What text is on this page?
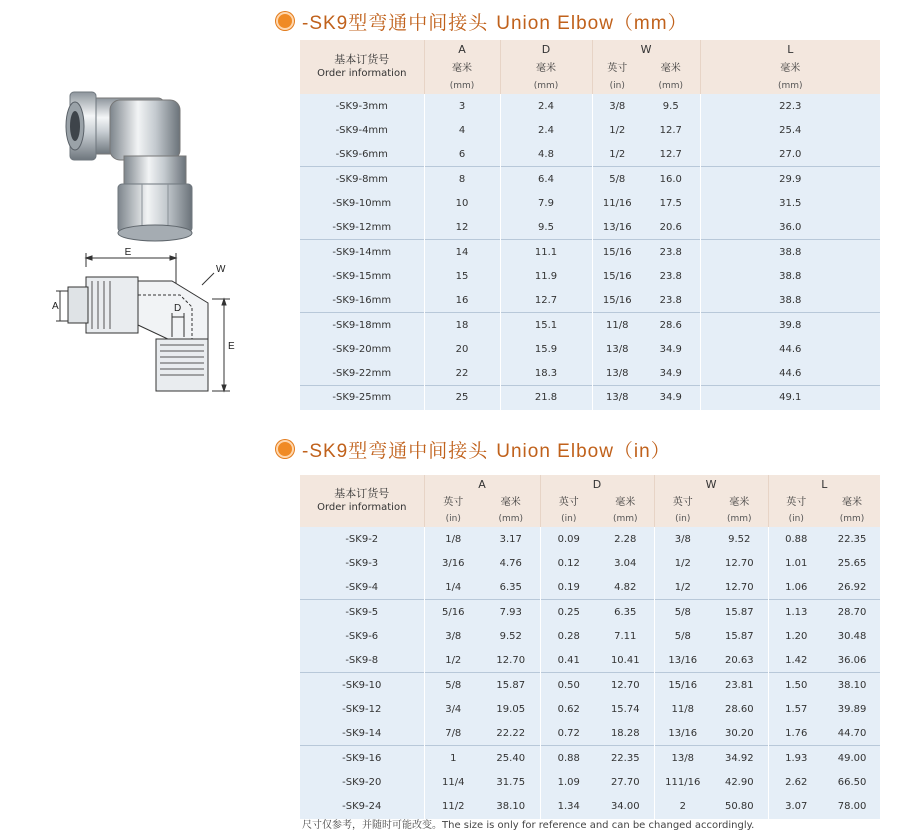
-SK9型弯通中间接头 Union Elbow（mm）
基本订货号
Order information	A	D	W		L
	毫米	毫米	英寸	毫米	毫米
	(mm)	(mm)	(in)	(mm)	(mm)
-SK9-3mm	3	2.4	3/8	9.5	22.3
-SK9-4mm	4	2.4	1/2	12.7	25.4
-SK9-6mm	6	4.8	1/2	12.7	27.0
-SK9-8mm	8	6.4	5/8	16.0	29.9
-SK9-10mm	10	7.9	11/16	17.5	31.5
-SK9-12mm	12	9.5	13/16	20.6	36.0
-SK9-14mm	14	11.1	15/16	23.8	38.8
-SK9-15mm	15	11.9	15/16	23.8	38.8
-SK9-16mm	16	12.7	15/16	23.8	38.8
-SK9-18mm	18	15.1	11/8	28.6	39.8
-SK9-20mm	20	15.9	13/8	34.9	44.6
-SK9-22mm	22	18.3	13/8	34.9	44.6
-SK9-25mm	25	21.8	13/8	34.9	49.1
-SK9型弯通中间接头 Union Elbow（in）
基本订货号
Order information	A		D		W		L	
	英寸	毫米	英寸	毫米	英寸	毫米	英寸	毫米
	(in)	(mm)	(in)	(mm)	(in)	(mm)	(in)	(mm)
-SK9-2	1/8	3.17	0.09	2.28	3/8	9.52	0.88	22.35
-SK9-3	3/16	4.76	0.12	3.04	1/2	12.70	1.01	25.65
-SK9-4	1/4	6.35	0.19	4.82	1/2	12.70	1.06	26.92
-SK9-5	5/16	7.93	0.25	6.35	5/8	15.87	1.13	28.70
-SK9-6	3/8	9.52	0.28	7.11	5/8	15.87	1.20	30.48
-SK9-8	1/2	12.70	0.41	10.41	13/16	20.63	1.42	36.06
-SK9-10	5/8	15.87	0.50	12.70	15/16	23.81	1.50	38.10
-SK9-12	3/4	19.05	0.62	15.74	11/8	28.60	1.57	39.89
-SK9-14	7/8	22.22	0.72	18.28	13/16	30.20	1.76	44.70
-SK9-16	1	25.40	0.88	22.35	13/8	34.92	1.93	49.00
-SK9-20	11/4	31.75	1.09	27.70	111/16	42.90	2.62	66.50
-SK9-24	11/2	38.10	1.34	34.00	2	50.80	3.07	78.00
E
W
A	D
E
尺寸仅参考，并随时可能改变。The size is only for reference and can be changed accordingly.
